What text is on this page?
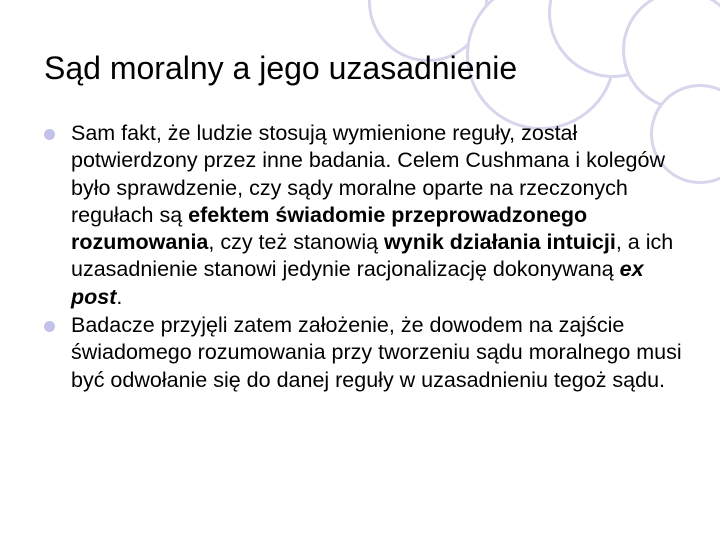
Sąd moralny a jego uzasadnienie
Sam fakt, że ludzie stosują wymienione reguły, został potwierdzony przez inne badania. Celem Cushmana i kolegów było sprawdzenie, czy sądy moralne oparte na rzeczonych regułach są efektem świadomie przeprowadzonego rozumowania, czy też stanowią wynik działania intuicji, a ich uzasadnienie stanowi jedynie racjonalizację dokonywaną ex post.
Badacze przyjęli zatem założenie, że dowodem na zajście świadomego rozumowania przy tworzeniu sądu moralnego musi być odwołanie się do danej reguły w uzasadnieniu tegoż sądu.
